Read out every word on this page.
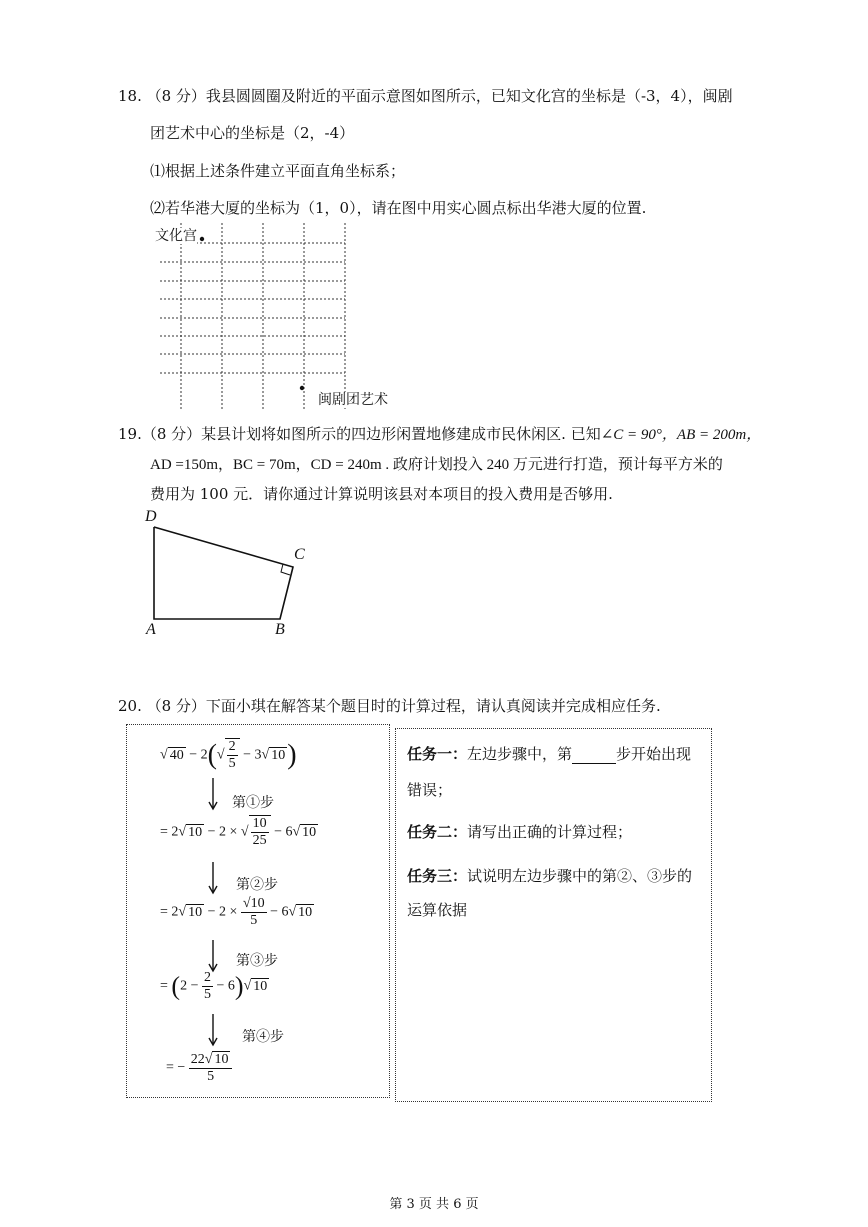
18. （8 分）我县圆圆圈及附近的平面示意图如图所示，已知文化宫的坐标是（-3，4），闽剧
团艺术中心的坐标是（2，-4）
⑴根据上述条件建立平面直角坐标系；
⑵若华港大厦的坐标为（1，0），请在图中用实心圆点标出华港大厦的位置.
文化宫
闽剧团艺术
19.（8 分）某县计划将如图所示的四边形闲置地修建成市民休闲区. 已知∠C = 90°，AB = 200m，
AD =150m，BC = 70m，CD = 240m . 政府计划投入 240 万元进行打造，预计每平方米的
费用为 100 元．请你通过计算说明该县对本项目的投入费用是否够用.
D
C
A	B
20. （8 分）下面小琪在解答某个题目时的计算过程，请认真阅读并完成相应任务.
√ $40 - 2(√ \frac{2}{5} - 3√$ 10)
第①步
= 2√ 10 − 2 × √ $\frac{10}{25} - 6√$ 10
第②步
= 2√ $10 - 2 \times \frac{√10}{5} - 6√$ 10
第③步
= $(2 - \frac{2}{5} - 6)√$ 10
第④步
= − $\frac{22√ 10}{5}$
任务一：左边步骤中，第	步开始出现
错误；
任务二：请写出正确的计算过程；
任务三：试说明左边步骤中的第②、③步的
运算依据
第 3 页 共 6 页
